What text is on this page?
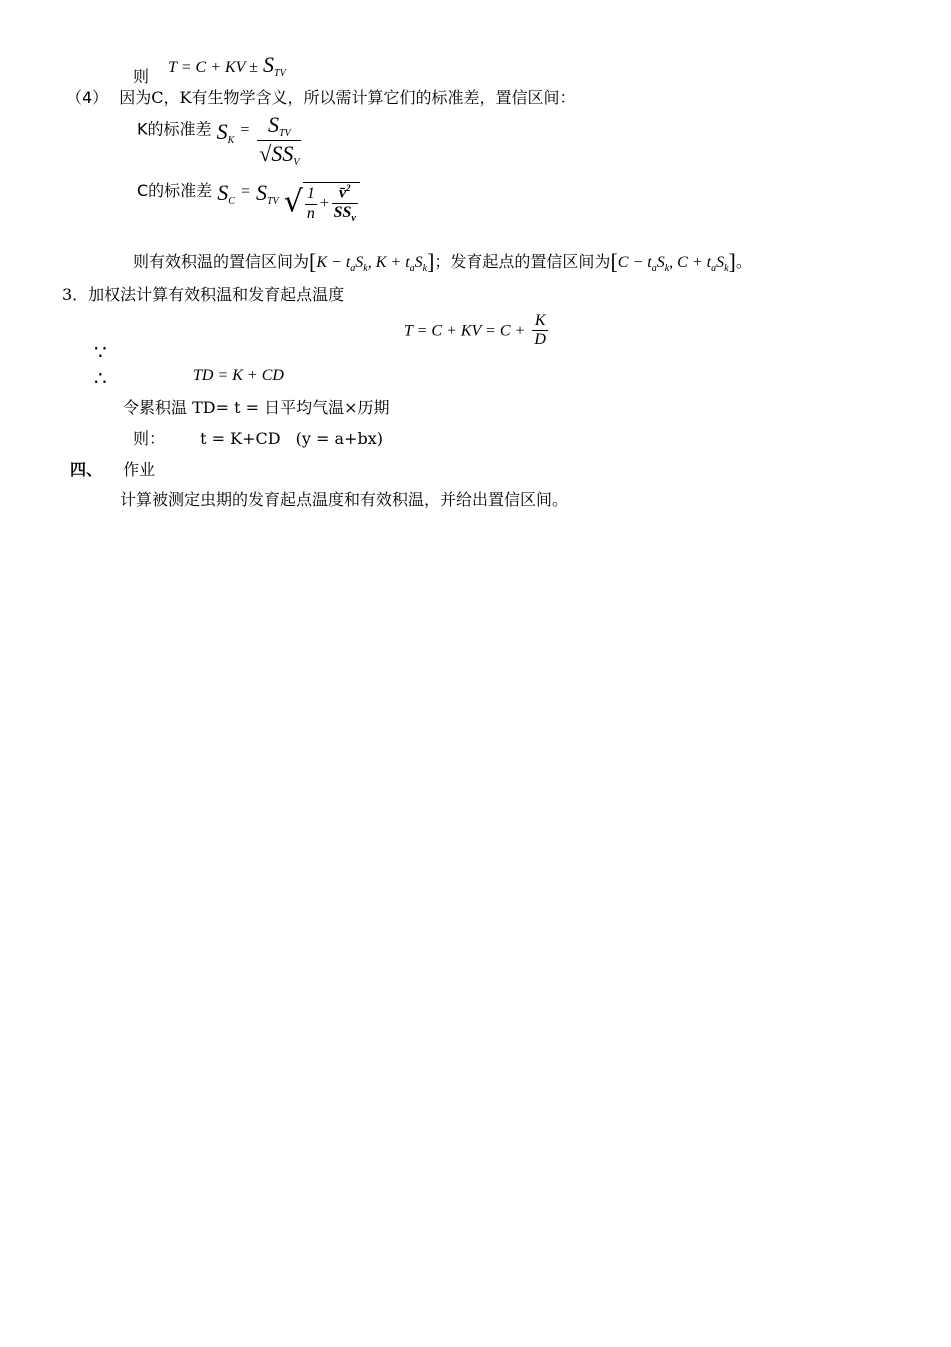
则 T = C + KV ± $S_{TV}$
（4） 因为C，K有生物学含义，所以需计算它们的标准差，置信区间：
K的标准差 $S_K = \frac{S_{TV}}{√SS_V}$
C的标准差 $S_C = S_{TV}$ √ $\frac{1}{n} + \frac{v̄^2}{SS_v}$
则有效积温的置信区间为[$K - t_aS_k$, $K + t_aS_k$]；发育起点的置信区间为[$C - t_aS_k$, $C + t_aS_k$]。
3．加权法计算有效积温和发育起点温度
T = C + KV = $C + \frac{K}{D}$
∵
∴	TD = K + CD
令累积温 TD= t = 日平均气温×历期
则： t = K+CD (y = a+bx)
四、 作业
计算被测定虫期的发育起点温度和有效积温，并给出置信区间。
